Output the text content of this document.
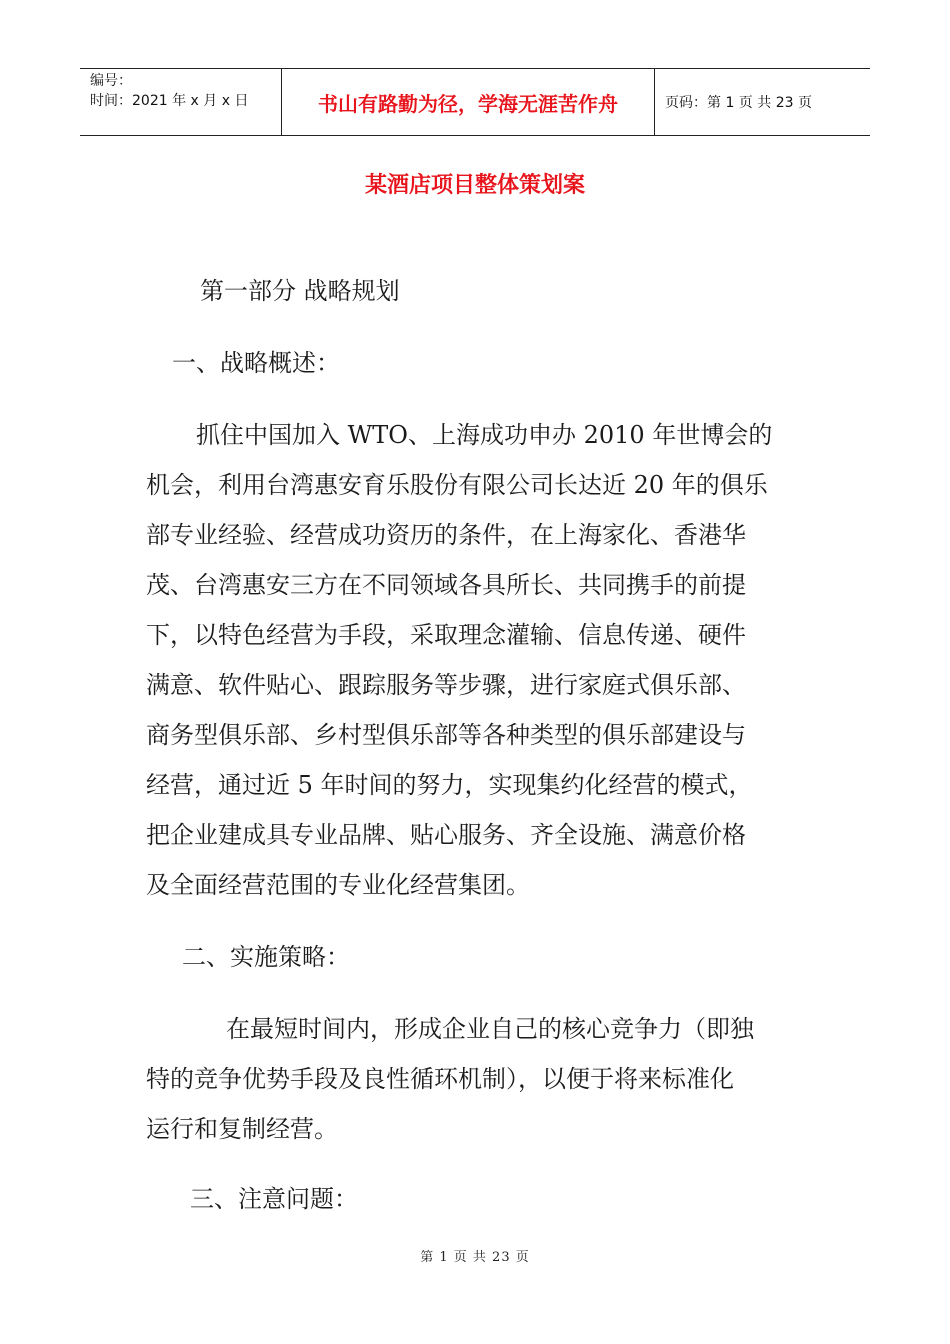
编号：
时间：2021 年 x 月 x 日	书山有路勤为径，学海无涯苦作舟	页码：第 1 页 共 23 页
某酒店项目整体策划案
第一部分 战略规划
一、战略概述：
抓住中国加入 WTO、上海成功申办 2010 年世博会的
机会，利用台湾惠安育乐股份有限公司长达近 20 年的俱乐
部专业经验、经营成功资历的条件，在上海家化、香港华
茂、台湾惠安三方在不同领域各具所长、共同携手的前提
下，以特色经营为手段，采取理念灌输、信息传递、硬件
满意、软件贴心、跟踪服务等步骤，进行家庭式俱乐部、
商务型俱乐部、乡村型俱乐部等各种类型的俱乐部建设与
经营，通过近 5 年时间的努力，实现集约化经营的模式，
把企业建成具专业品牌、贴心服务、齐全设施、满意价格
及全面经营范围的专业化经营集团。
二、实施策略：
在最短时间内，形成企业自己的核心竞争力（即独
特的竞争优势手段及良性循环机制），以便于将来标准化
运行和复制经营。
三、注意问题：
第 1 页 共 23 页
